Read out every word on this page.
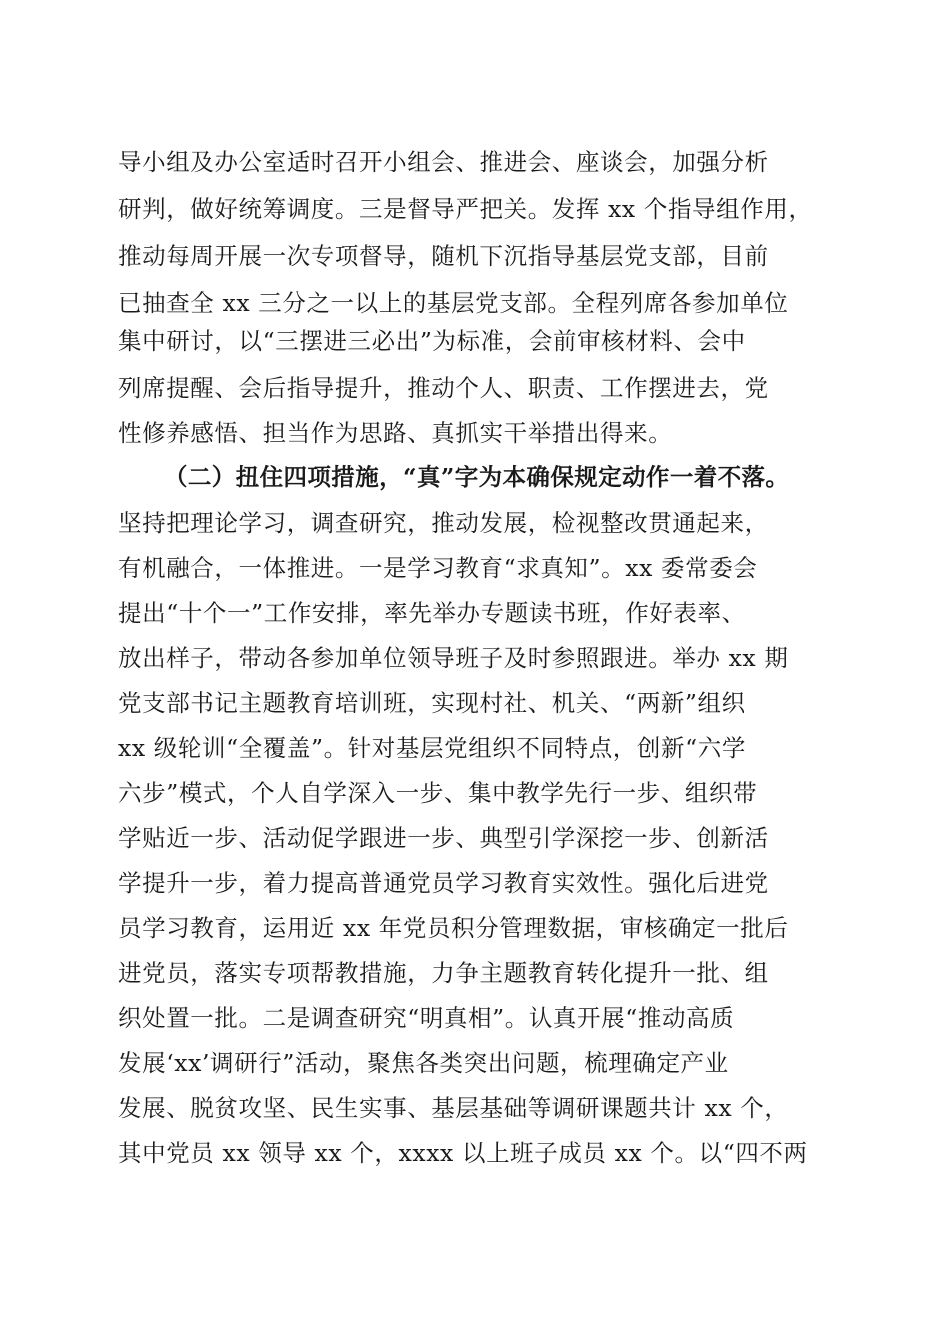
导小组及办公室适时召开小组会、推进会、座谈会，加强分析
研判，做好统筹调度。三是督导严把关。发挥 xx 个指导组作用，
推动每周开展一次专项督导，随机下沉指导基层党支部，目前
已抽查全 xx 三分之一以上的基层党支部。全程列席各参加单位
集中研讨，以“三摆进三必出”为标准，会前审核材料、会中
列席提醒、会后指导提升，推动个人、职责、工作摆进去，党
性修养感悟、担当作为思路、真抓实干举措出得来。
（二）扭住四项措施，“真”字为本确保规定动作一着不落。
坚持把理论学习，调查研究，推动发展，检视整改贯通起来，
有机融合，一体推进。一是学习教育“求真知”。xx 委常委会
提出“十个一”工作安排，率先举办专题读书班，作好表率、
放出样子，带动各参加单位领导班子及时参照跟进。举办 xx 期
党支部书记主题教育培训班，实现村社、机关、“两新”组织
xx 级轮训“全覆盖”。针对基层党组织不同特点，创新“六学
六步”模式，个人自学深入一步、集中教学先行一步、组织带
学贴近一步、活动促学跟进一步、典型引学深挖一步、创新活
学提升一步，着力提高普通党员学习教育实效性。强化后进党
员学习教育，运用近 xx 年党员积分管理数据，审核确定一批后
进党员，落实专项帮教措施，力争主题教育转化提升一批、组
织处置一批。二是调查研究“明真相”。认真开展“推动高质
发展‘xx’调研行”活动，聚焦各类突出问题，梳理确定产业
发展、脱贫攻坚、民生实事、基层基础等调研课题共计 xx 个，
其中党员 xx 领导 xx 个，xxxx 以上班子成员 xx 个。以“四不两
